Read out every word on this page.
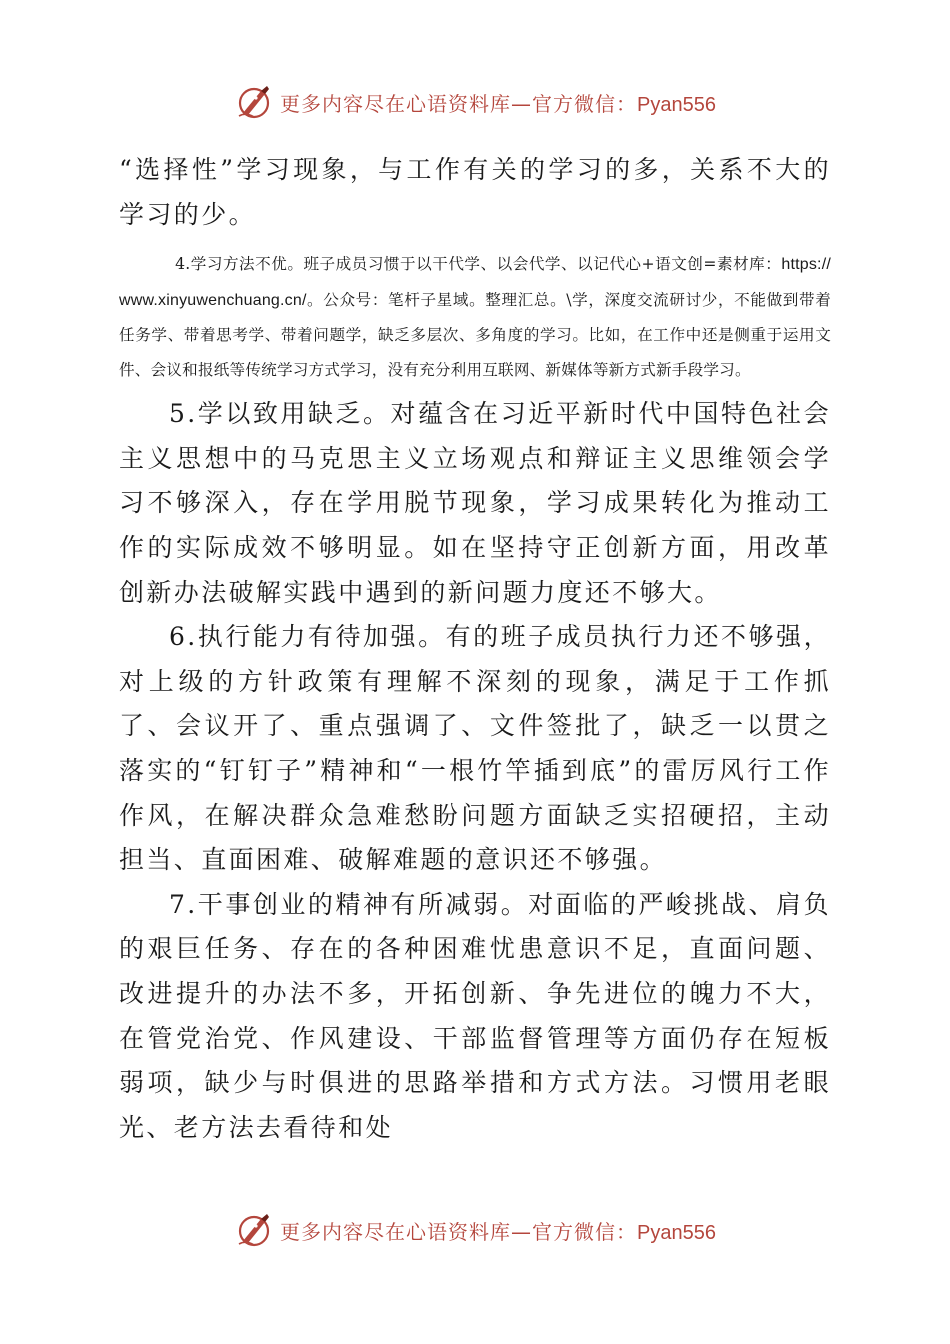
更多内容尽在心语资料库—官方微信：Pyan556

“选择性”学习现象，与工作有关的学习的多，关系不大的学习的少。

4.学习方法不优。班子成员习惯于以干代学、以会代学、以记代心+语文创=素材库：https://www.xinyuwenchuang.cn/。公众号：笔杆子星域。整理汇总。\学，深度交流研讨少，不能做到带着任务学、带着思考学、带着问题学，缺乏多层次、多角度的学习。比如，在工作中还是侧重于运用文件、会议和报纸等传统学习方式学习，没有充分利用互联网、新媒体等新方式新手段学习。

5.学以致用缺乏。对蕴含在习近平新时代中国特色社会主义思想中的马克思主义立场观点和辩证主义思维领会学习不够深入，存在学用脱节现象，学习成果转化为推动工作的实际成效不够明显。如在坚持守正创新方面，用改革创新办法破解实践中遇到的新问题力度还不够大。

6.执行能力有待加强。有的班子成员执行力还不够强，对上级的方针政策有理解不深刻的现象，满足于工作抓了、会议开了、重点强调了、文件签批了，缺乏一以贯之落实的“钉钉子”精神和“一根竹竿插到底”的雷厉风行工作作风，在解决群众急难愁盼问题方面缺乏实招硬招，主动担当、直面困难、破解难题的意识还不够强。

7.干事创业的精神有所减弱。对面临的严峻挑战、肩负的艰巨任务、存在的各种困难忧患意识不足，直面问题、改进提升的办法不多，开拓创新、争先进位的魄力不大，在管党治党、作风建设、干部监督管理等方面仍存在短板弱项，缺少与时俱进的思路举措和方式方法。习惯用老眼光、老方法去看待和处

更多内容尽在心语资料库—官方微信：Pyan556
